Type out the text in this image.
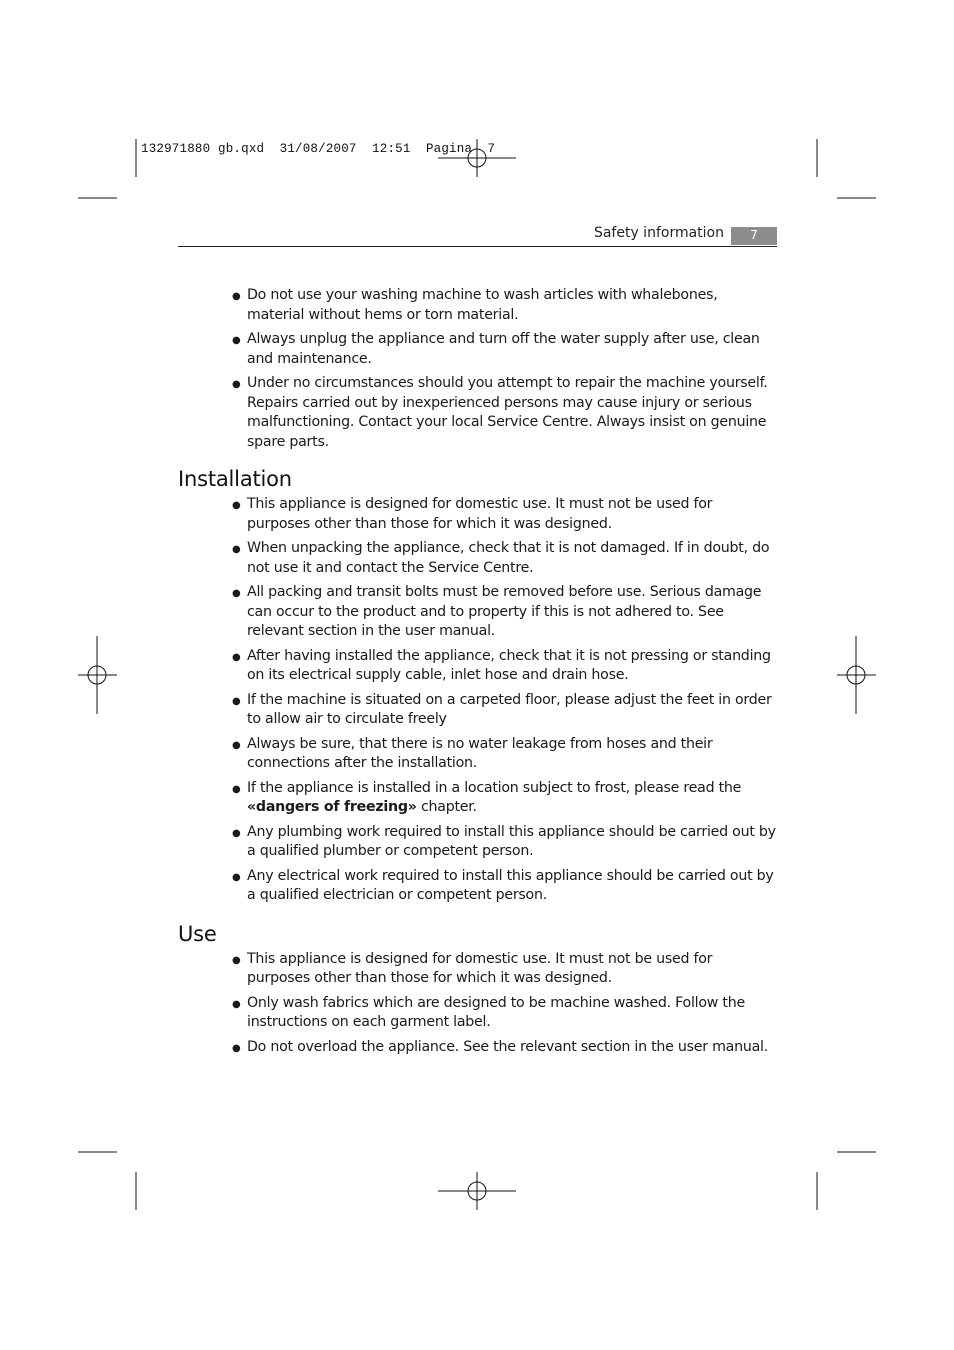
132971880 gb.qxd  31/08/2007  12:51  Pagina  7
Safety information	7
● Do not use your washing machine to wash articles with whalebones, material without hems or torn material.
● Always unplug the appliance and turn off the water supply after use, clean and maintenance.
● Under no circumstances should you attempt to repair the machine yourself. Repairs carried out by inexperienced persons may cause injury or serious malfunctioning. Contact your local Service Centre. Always insist on genuine spare parts.
Installation
● This appliance is designed for domestic use. It must not be used for purposes other than those for which it was designed.
● When unpacking the appliance, check that it is not damaged. If in doubt, do not use it and contact the Service Centre.
● All packing and transit bolts must be removed before use. Serious damage can occur to the product and to property if this is not adhered to. See relevant section in the user manual.
● After having installed the appliance, check that it is not pressing or standing on its electrical supply cable, inlet hose and drain hose.
● If the machine is situated on a carpeted floor, please adjust the feet in order to allow air to circulate freely
● Always be sure, that there is no water leakage from hoses and their connections after the installation.
● If the appliance is installed in a location subject to frost, please read the «dangers of freezing» chapter.
● Any plumbing work required to install this appliance should be carried out by a qualified plumber or competent person.
● Any electrical work required to install this appliance should be carried out by a qualified electrician or competent person.
Use
● This appliance is designed for domestic use. It must not be used for purposes other than those for which it was designed.
● Only wash fabrics which are designed to be machine washed. Follow the instructions on each garment label.
● Do not overload the appliance. See the relevant section in the user manual.
